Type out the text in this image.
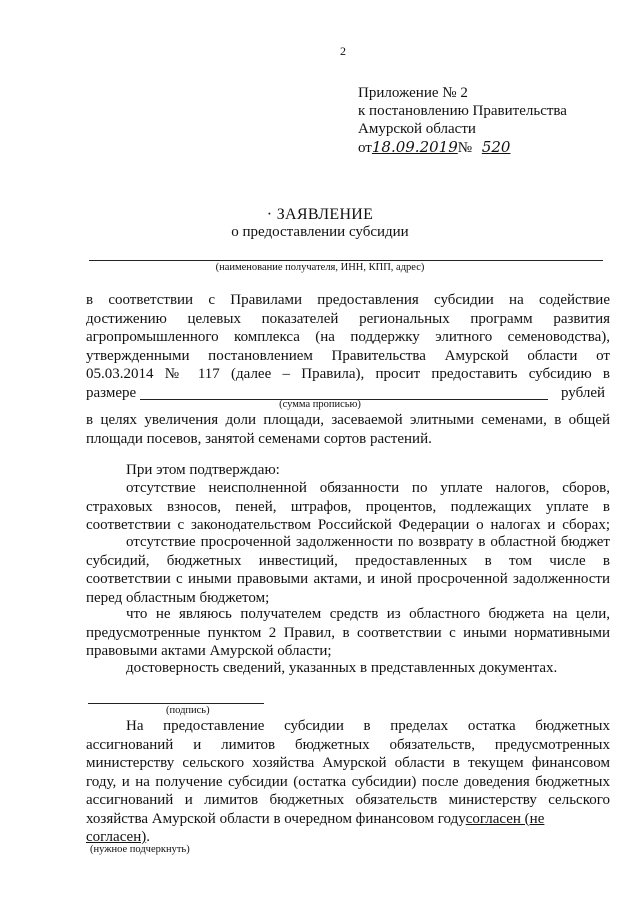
2
Приложение № 2
к постановлению Правительства
Амурской области
от18.09.2019№ 520
· ЗАЯВЛЕНИЕ
о предоставлении субсидии
(наименование получателя, ИНН, КПП, адрес)
в соответствии с Правилами предоставления субсидии на содействие
достижению целевых показателей региональных программ развития
агропромышленного комплекса (на поддержку элитного семеноводства),
утвержденными постановлением Правительства Амурской области от
05.03.2014 № 117 (далее – Правила), просит предоставить субсидию в
размере	рублей
(сумма прописью)
в целях увеличения доли площади, засеваемой элитными семенами, в общей
площади посевов, занятой семенами сортов растений.
При этом подтверждаю:
отсутствие неисполненной обязанности по уплате налогов, сборов,
страховых взносов, пеней, штрафов, процентов, подлежащих уплате в
соответствии с законодательством Российской Федерации о налогах и сборах;
отсутствие просроченной задолженности по возврату в областной бюджет
субсидий, бюджетных инвестиций, предоставленных в том числе в
соответствии с иными правовыми актами, и иной просроченной задолженности
перед областным бюджетом;
что не являюсь получателем средств из областного бюджета на цели,
предусмотренные пунктом 2 Правил, в соответствии с иными нормативными
правовыми актами Амурской области;
достоверность сведений, указанных в представленных документах.
(подпись)
На предоставление субсидии в пределах остатка бюджетных
ассигнований и лимитов бюджетных обязательств, предусмотренных
министерству сельского хозяйства Амурской области в текущем финансовом
году, и на получение субсидии (остатка субсидии) после доведения бюджетных
ассигнований и лимитов бюджетных обязательств министерству сельского
хозяйства Амурской области в очередном финансовом годусогласен (не
согласен).
(нужное подчеркнуть)
